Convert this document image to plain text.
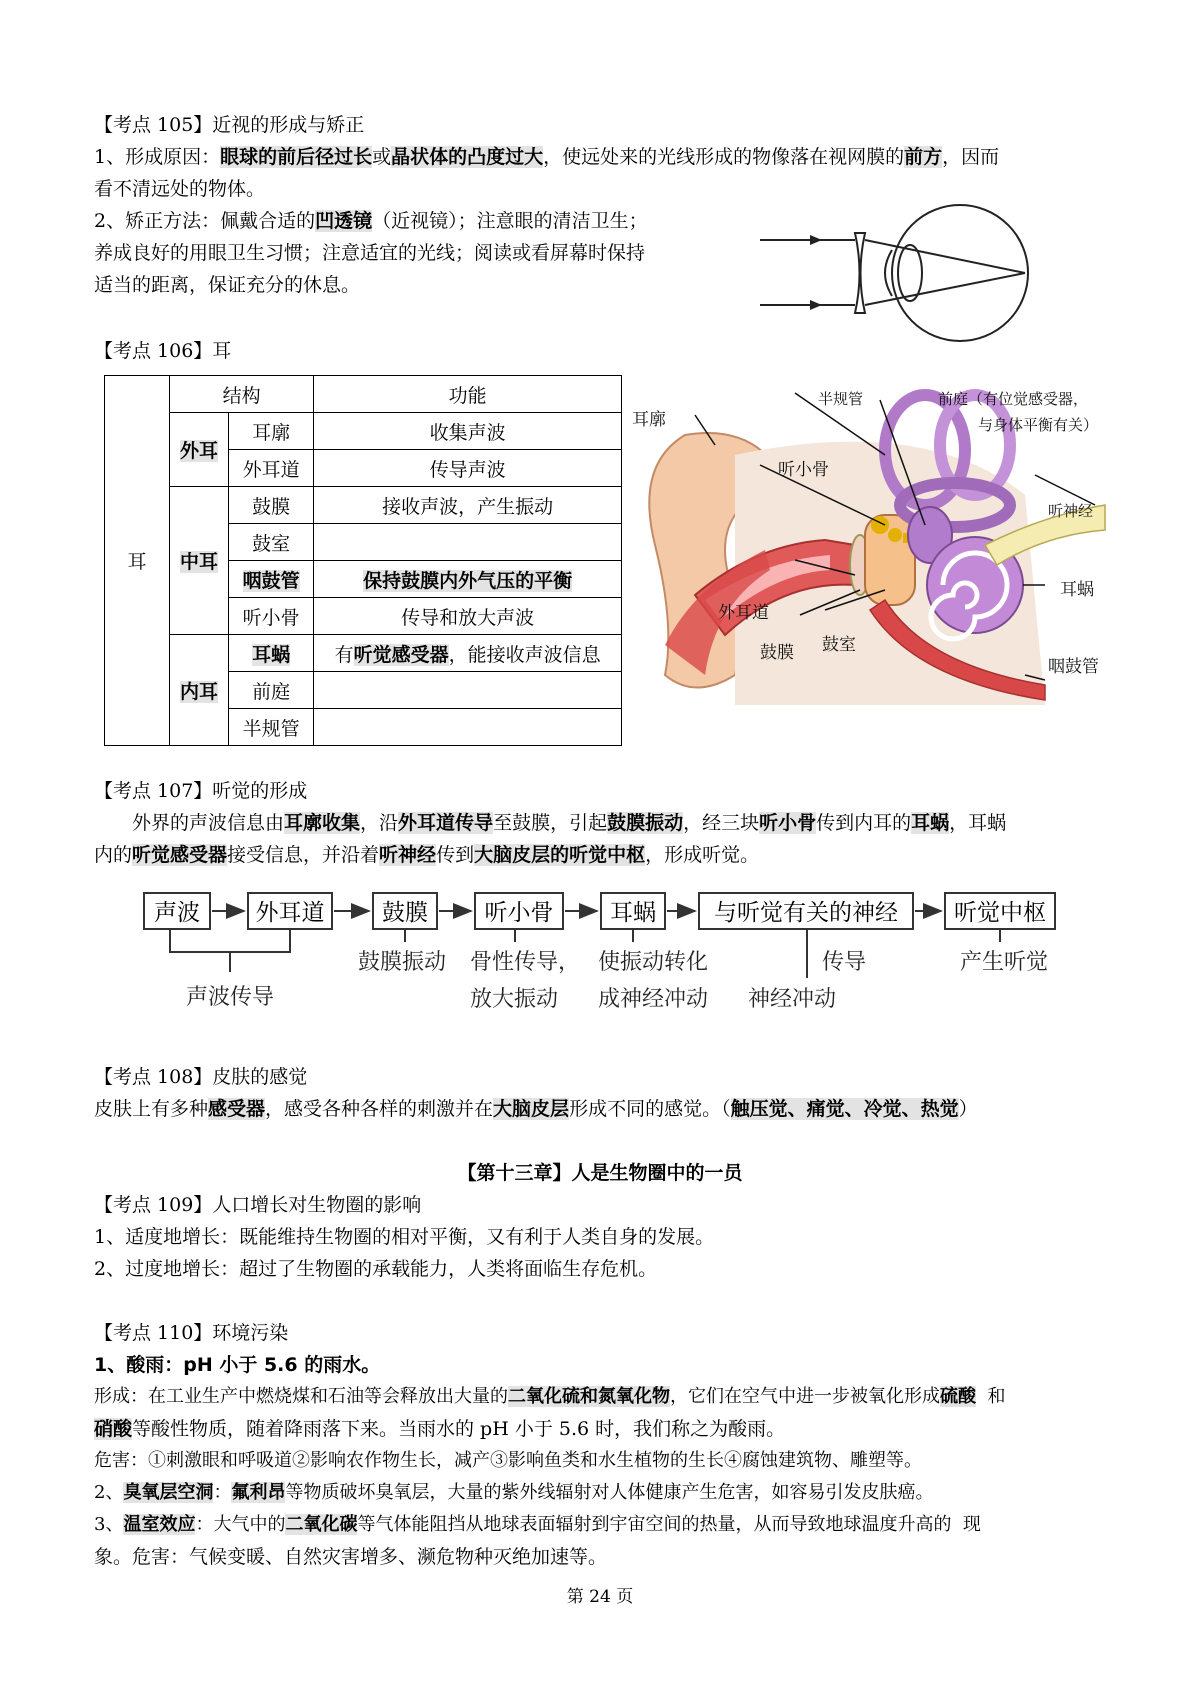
【考点 105】近视的形成与矫正
1、形成原因：眼球的前后径过长或晶状体的凸度过大，使远处来的光线形成的物像落在视网膜的前方，因而
看不清远处的物体。
2、矫正方法：佩戴合适的凹透镜（近视镜）；注意眼的清洁卫生；
养成良好的用眼卫生习惯；注意适宜的光线；阅读或看屏幕时保持
适当的距离，保证充分的休息。
【考点 106】耳
耳	结构		功能
	外耳	耳廓	收集声波
		外耳道	传导声波
	中耳	鼓膜	接收声波，产生振动
		鼓室	
		咽鼓管	保持鼓膜内外气压的平衡
		听小骨	传导和放大声波
	内耳	耳蜗	有听觉感受器，能接收声波信息
		前庭	
		半规管	
耳廓
听小骨
半规管	前庭（有位觉感受器，
与身体平衡有关）
听神经
耳蜗
外耳道
鼓膜 鼓室
咽鼓管
【考点 107】听觉的形成
外界的声波信息由耳廓收集，沿外耳道传导至鼓膜，引起鼓膜振动，经三块听小骨传到内耳的耳蜗，耳蜗
内的听觉感受器接受信息，并沿着听神经传到大脑皮层的听觉中枢，形成听觉。
声波	外耳道	鼓膜	听小骨	耳蜗	与听觉有关的神经	听觉中枢
声波传导
鼓膜振动 骨性传导，
放大振动
使振动转化
成神经冲动 神经冲动
传导	产生听觉
【考点 108】皮肤的感觉
皮肤上有多种感受器，感受各种各样的刺激并在大脑皮层形成不同的感觉。（触压觉、痛觉、冷觉、热觉）
【第十三章】人是生物圈中的一员
【考点 109】人口增长对生物圈的影响
1、适度地增长：既能维持生物圈的相对平衡，又有利于人类自身的发展。
2、过度地增长：超过了生物圈的承载能力，人类将面临生存危机。
【考点 110】环境污染
1、酸雨：pH 小于 5.6 的雨水。
形成：在工业生产中燃烧煤和石油等会释放出大量的二氧化硫和氮氧化物，它们在空气中进一步被氧化形成硫酸 和
硝酸等酸性物质，随着降雨落下来。当雨水的 pH 小于 5.6 时，我们称之为酸雨。
危害：①刺激眼和呼吸道②影响农作物生长，减产③影响鱼类和水生植物的生长④腐蚀建筑物、雕塑等。
2、臭氧层空洞：氟利昂等物质破坏臭氧层，大量的紫外线辐射对人体健康产生危害，如容易引发皮肤癌。
3、温室效应：大气中的二氧化碳等气体能阻挡从地球表面辐射到宇宙空间的热量，从而导致地球温度升高的 现
象。危害：气候变暖、自然灾害增多、濒危物种灭绝加速等。
第 24 页
